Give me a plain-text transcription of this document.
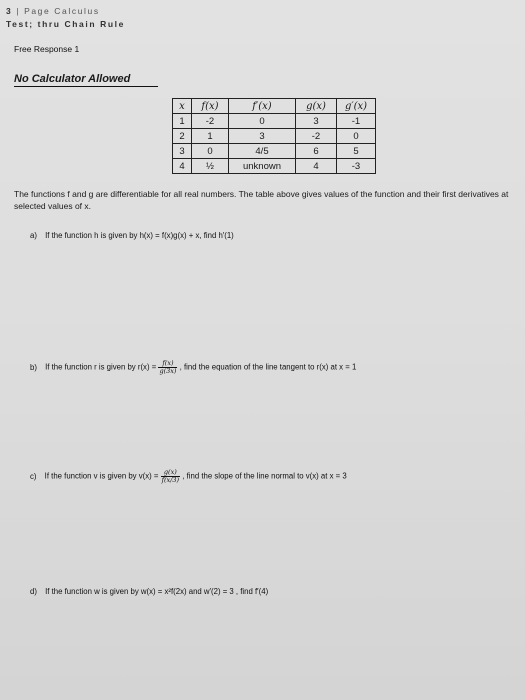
3 | Page Calculus
Test; thru Chain Rule
Free Response 1
No Calculator Allowed
x	f(x)	f′(x)	g(x)	g′(x)
1	-2	0	3	-1
2	1	3	-2	0
3	0	4/5	6	5
4	½	unknown	4	-3
The functions f and g are differentiable for all real numbers. The table above gives values of the function and their first derivatives at selected values of x.
a) If the function h is given by h(x) = f(x)g(x) + x, find h′(1)
b) If the function r is given by $r(x) = \frac{f(x)}{g(3x)}$ , find the equation of the line tangent to r(x) at x = 1
c) If the function v is given by $v(x) = \frac{g(x)}{f(x/3)}$ , find the slope of the line normal to v(x) at x = 3
d) If the function w is given by w(x) = x²f(2x) and w′(2) = 3 , find f′(4)
